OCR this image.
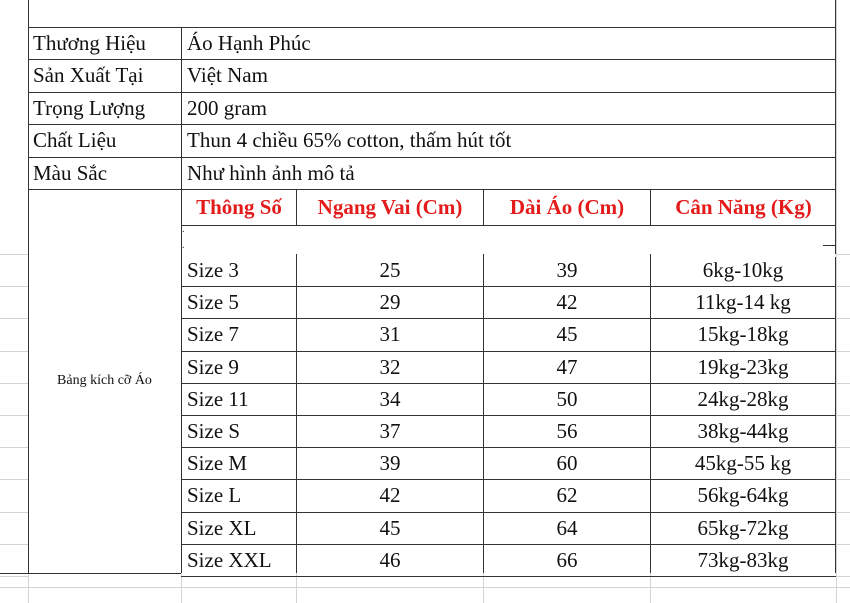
Thương Hiệu	Áo Hạnh Phúc
Sản Xuất Tại	Việt Nam
Trọng Lượng	200 gram
Chất Liệu	Thun 4 chiều 65% cotton, thấm hút tốt
Màu Sắc	Như hình ảnh mô tả
Thông Số	Ngang Vai (Cm)	Dài Áo (Cm)	Cân Năng (Kg)
.
.
Size 3	25	39	6kg-10kg
Size 5	29	42	11kg-14 kg
Size 7	31	45	15kg-18kg
Size 9	32	47	19kg-23kg
Size 11	34	50	24kg-28kg
Size S	37	56	38kg-44kg
Size M	39	60	45kg-55 kg
Size L	42	62	56kg-64kg
Size XL	45	64	65kg-72kg
Size XXL	46	66	73kg-83kg
Bảng kích cỡ Áo
